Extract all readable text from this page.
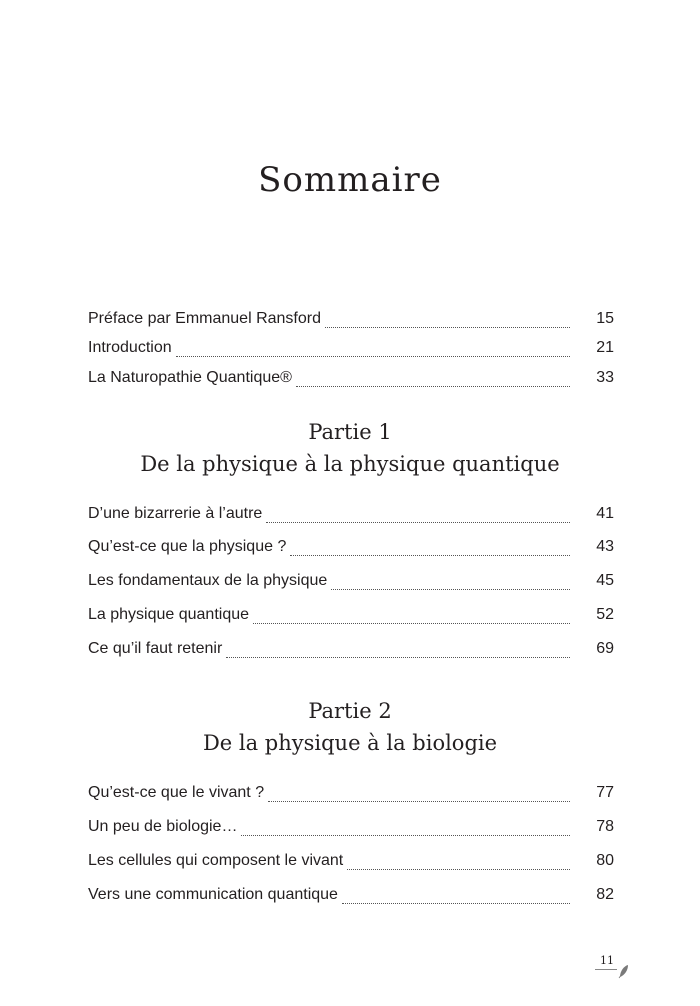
Sommaire
Préface par Emmanuel Ransford	15
Introduction	21
La Naturopathie Quantique®	33
Partie 1
De la physique à la physique quantique
D’une bizarrerie à l’autre	41
Qu’est-ce que la physique ?	43
Les fondamentaux de la physique	45
La physique quantique	52
Ce qu’il faut retenir	69
Partie 2
De la physique à la biologie
Qu’est-ce que le vivant ?	77
Un peu de biologie…	78
Les cellules qui composent le vivant	80
Vers une communication quantique	82
11
